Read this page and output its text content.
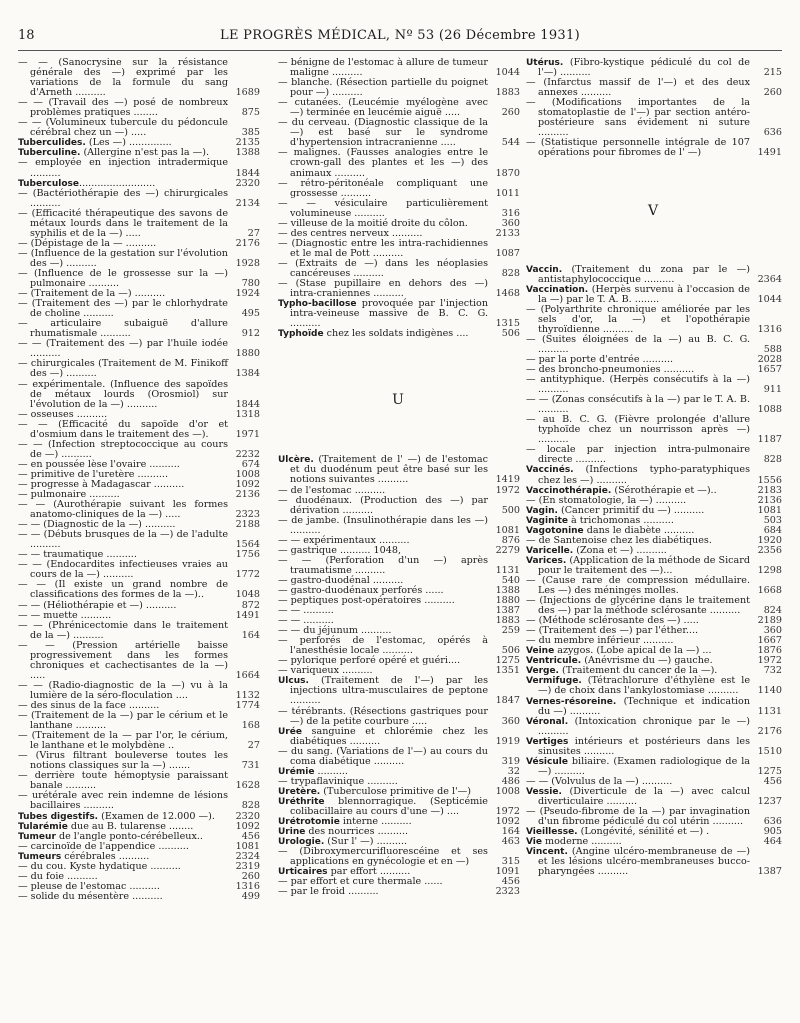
18	LE PROGRÈS MÉDICAL, Nº 53 (26 Décembre 1931)

— — (Sanocrysine sur la résistance générale des —) exprimé par les variations de la formule du sang d'Arneth ..........	1689

— — (Travail des —) posé de nombreux problèmes pratiques ........	875

— — (Volumineux tubercule du pédoncule cérébral chez un —) .....	385

Tuberculides. (Les —) ..............	2135

Tuberculine. (Allergine n'est pas la —).	1388

— employée en injection intradermique ..........	1844

Tuberculose.........................	2320

— (Bactériothérapie des —) chirurgicales ..........	2134

— (Efficacité thérapeutique des savons de métaux lourds dans le traitement de la syphilis et de la —) .....	27

— (Dépistage de la — ..........	2176

— (Influence de la gestation sur l'évolution des —) ..........	1928

— (Influence de le grossesse sur la —) pulmonaire ..........	780

— (Traitement de la —) ..........	1924

— (Traitement des —) par le chlorhydrate de choline ..........	495

— articulaire subaiguë d'allure rhumatismale ..........	912

— — (Traitement des —) par l'huile iodée ..........	1880

— chirurgicales (Traitement de M. Finikoff des —) ..........	1384

— expérimentale. (Influence des sapoïdes de métaux lourds (Orosmiol) sur l'évolution de la —) ..........	1844

— osseuses ..........	1318

— — (Efficacité du sapoïde d'or et d'osmium dans le traitement des —).	1971

— — (Infection streptococcique au cours de —) ..........	2232

— en poussée lèse l'ovaire ..........	674

— primitive de l'uretère ..........	1008

— progresse à Madagascar ..........	1092

— pulmonaire ..........	2136

— — (Aurothérapie suivant les formes anatomo-cliniques de la —) .....	2323

— — (Diagnostic de la —) ..........	2188

— — (Débuts brusques de la —) de l'adulte ..........	1564

— — traumatique ..........	1756

— — (Endocardites infectieuses vraies au cours de la —) ..........	1772

— — (Il existe un grand nombre de classifications des formes de la —)..	1048

— — (Héliothérapie et —) ..........	872

— — muette ..........	1491

— — (Phrénicectomie dans le traitement de la —) ..........	164

— — (Pression artérielle baisse progressivement dans les formes chroniques et cachectisantes de la —) .....	1664

— — (Radio-diagnostic de la —) vu à la lumière de la séro-floculation ....	1132

— des sinus de la face ..........	1774

— (Traitement de la —) par le cérium et le lanthane ..........	168

— (Traitement de la — par l'or, le cérium, le lanthane et le molybdène ..	27

— (Virus filtrant bouleverse toutes les notions classiques sur la —) .......	731

— derrière toute hémoptysie paraissant banale ..........	1628

— urétérale avec rein indemne de lésions bacillaires ..........	828

Tubes digestifs. (Examen de 12.000 —). 2320

Tularémie due au B. tularense ........	1092

Tumeur de l'angle ponto-cérébelleux..	456

— carcinoïde de l'appendice ..........	1081

Tumeurs cérébrales ..........	2324

— du cou. Kyste hydatique ..........	2319

— du foie ..........	260

— pleuse de l'estomac ..........	1316

— solide du mésentère ..........	499

— bénigne de l'estomac à allure de tumeur maligne ..........	1044

— blanche. (Résection partielle du poignet pour —) ..........	1883

— cutanées. (Leucémie myélogène avec —) terminée en leucémie aiguë .....	260

— du cerveau. (Diagnostic classique de la —) est basé sur le syndrome d'hypertension intracranienne .....	544

— malignes. (Fausses analogies entre le crown-gall des plantes et les —) des animaux ..........	1870

— rétro-péritonéale compliquant une grossesse ..........	1011

— — vésiculaire particulièrement volumineuse ..........	316

— villeuse de la moitié droite du côlon.	360

— des centres nerveux ..........	2133

— (Diagnostic entre les intra-rachidiennes et le mal de Pott ..........	1087

— (Extraits de —) dans les néoplasies cancéreuses ..........	828

— (Stase pupillaire en dehors des —) intra-craniennes ..........	1468

Typho-bacillose provoquée par l'injection intra-veineuse massive de B. C. G. ..........	1315

Typhoïde chez les soldats indigènes ....	506

U

Ulcère. (Traitement de l' —) de l'estomac et du duodénum peut être basé sur les notions suivantes ..........	1419

— de l'estomac ..........	1972

— duodénaux. (Production des —) par dérivation ..........	500

— de jambe. (Insulinothérapie dans les —) ..........	1081

— — expérimentaux ..........	876

— gastrique .......... 1048,	2279

— — (Perforation d'un —) après traumatisme ..........	1131

— gastro-duodénal ..........	540

— gastro-duodénaux perforés ......	1388

— peptiques post-opératoires ..........	1880

— — ..........	1387

— — ..........	1883

— — du jéjunum ..........	259

— perforés de l'estomac, opérés à l'anesthésie locale ..........	506

— pylorique perforé opéré et guéri....	1275

— variqueux ..........	1351

Ulcus. (Traitement de l'—) par les injections ultra-musculaires de peptone ..........	1847

— térébrants. (Résections gastriques pour —) de la petite courbure .....	360

Urée sanguine et chlorémie chez les diabétiques ..........	1919

— du sang. (Variations de l'—) au cours du coma diabétique ..........	319

Urémie ..........	32

— trypaflavinique ..........	486

Uretère. (Tuberculose primitive de l'—)	1008

Uréthrite blennorragique. (Septicémie colibacillaire au cours d'une —) ....	1972

Urétrotomie interne ..........	1092

Urine des nourrices ..........	164

Urologie. (Sur l' —) ..........	463

— (Dibroxymercurifluorescéine et ses applications en gynécologie et en —)	315

Urticaires par effort ..........	1091

— par effort et cure thermale ......	456

— par le froid ..........	2323

Utérus. (Fibro-kystique pédiculé du col de l'—) ..........	215

— (Infarctus massif de l'—) et des deux annexes ..........	260

— (Modifications importantes de la stomatoplastie de l'—) par section antéro-postérieure sans évidement ni suture ..........	636

— (Statistique personnelle intégrale de 107 opérations pour fibromes de l' —)	1491

V

Vaccin. (Traitement du zona par le —) antistaphylococcique ..........	2364

Vaccination. (Herpès survenu à l'occasion de la —) par le T. A. B. ........	1044

— (Polyarthrite chronique améliorée par les sels d'or, la —) et l'opothérapie thyroïdienne ..........	1316

— (Suites éloignées de la —) au B. C. G. ..........	588

— par la porte d'entrée ..........	2028

— des broncho-pneumonies ..........	1657

— antityphique. (Herpès consécutifs à la —) ..........	911

— — (Zonas consécutifs à la —) par le T. A. B. ..........	1088

— au B. C. G. (Fièvre prolongée d'allure typhoïde chez un nourrisson après —) ..........	1187

— locale par injection intra-pulmonaire directe ..........	828

Vaccinés. (Infections typho-paratyphiques chez les —) ..........	1556

Vaccinothérapie. (Sérothérapie et —)..	2183

— (En stomatologie, la —) ..........	2136

Vagin. (Cancer primitif du —) ..........	1081

Vaginite à trichomonas ..........	503

Vagotonine dans le diabète ..........	684

— de Santenoise chez les diabétiques.	1920

Varicelle. (Zona et —) ..........	2356

Varices. (Application de la méthode de Sicard pour le traitement des —)...	1298

— (Cause rare de compression médullaire. Les —) des méninges molles.	1668

— (Injections de glycérine dans le traitement des —) par la méthode sclérosante .......... 824

— (Méthode sclérosante des —) .....	2189

— (Traitement des —) par l'éther....	360

— du membre inférieur ..........	1667

Veine azygos. (Lobe apical de la —) ...	1876

Ventricule. (Anévrisme du —) gauche.	1972

Verge. (Traitement du cancer de la —).	732

Vermifuge. (Tétrachlorure d'éthylène est le —) de choix dans l'ankylostomiase .......... 1140

Vernes-résoreine. (Technique et indication du —) ..........	1131

Véronal. (Intoxication chronique par le —) ..........	2176

Vertiges intérieurs et postérieurs dans les sinusites ..........	1510

Vésicule biliaire. (Examen radiologique de la —) ..........	1275

— — (Volvulus de la —) ..........	456

Vessie. (Diverticule de la —) avec calcul diverticulaire ..........	1237

— (Pseudo-fibrome de la —) par invagination d'un fibrome pédiculé du col utérin .......... 636

Vieillesse. (Longévité, sénilité et —) .	905

Vie moderne ..........	464

Vincent. (Angine ulcéro-membraneuse de —) et les lésions ulcéro-membraneuses bucco-pharyngées ..........	1387
